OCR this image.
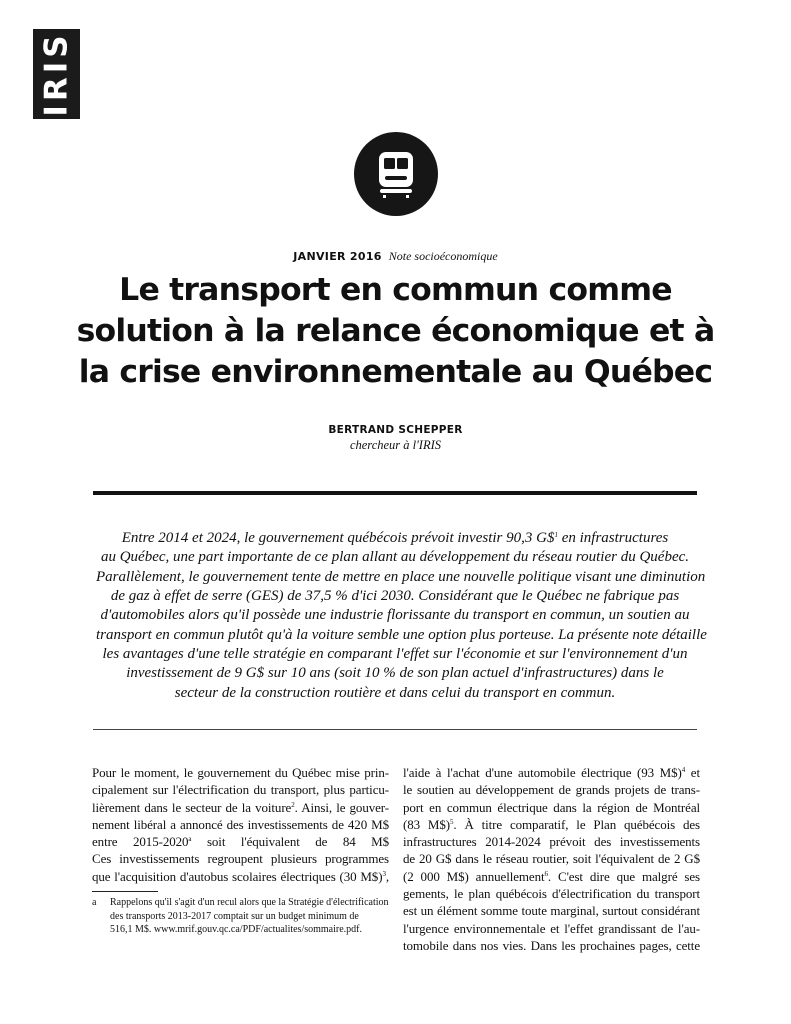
IRIS
JANVIER 2016 Note socioéconomique
Le transport en commun comme
solution à la relance économique et à
la crise environnementale au Québec
BERTRAND SCHEPPER
chercheur à l'IRIS
Entre 2014 et 2024, le gouvernement québécois prévoit investir 90,3 G\$$^1$ en infrastructures
au Québec, une part importante de ce plan allant au développement du réseau routier du Québec.
Parallèlement, le gouvernement tente de mettre en place une nouvelle politique visant une diminution
de gaz à effet de serre (GES) de 37,5 % d'ici 2030. Considérant que le Québec ne fabrique pas
d'automobiles alors qu'il possède une industrie florissante du transport en commun, un soutien au
transport en commun plutôt qu'à la voiture semble une option plus porteuse. La présente note détaille
les avantages d'une telle stratégie en comparant l'effet sur l'économie et sur l'environnement d'un
investissement de 9 G$ sur 10 ans (soit 10 % de son plan actuel d'infrastructures) dans le
secteur de la construction routière et dans celui du transport en commun.
Pour le moment, le gouvernement du Québec mise prin-
cipalement sur l'électrification du transport, plus particu-
lièrement dans le secteur de la voiture$^2$. Ainsi, le gouver-
nement libéral a annoncé des investissements de 420 M$
entre 2015-2020$^a$ soit l'équivalent de 84 M$
Ces investissements regroupent plusieurs programmes
que l'acquisition d'autobus scolaires électriques (30 M$)$^3$,
l'aide à l'achat d'une automobile électrique (93 M$)$^4$ et
le soutien au développement de grands projets de trans-
port en commun électrique dans la région de Montréal
(83 M$)$^5$. À titre comparatif, le Plan québécois des
infrastructures 2014-2024 prévoit des investissements
de 20 G$ dans le réseau routier, soit l'équivalent de 2 G$
(2 000 M$) annuellement$^6$. C'est dire que malgré ses
gements, le plan québécois d'électrification du transport
est un élément somme toute marginal, surtout considérant
l'urgence environnementale et l'effet grandissant de l'au-
tomobile dans nos vies. Dans les prochaines pages, cette
a Rappelons qu'il s'agit d'un recul alors que la Stratégie d'électrification
des transports 2013-2017 comptait sur un budget minimum de
516,1 M$. www.mrif.gouv.qc.ca/PDF/actualites/sommaire.pdf.
